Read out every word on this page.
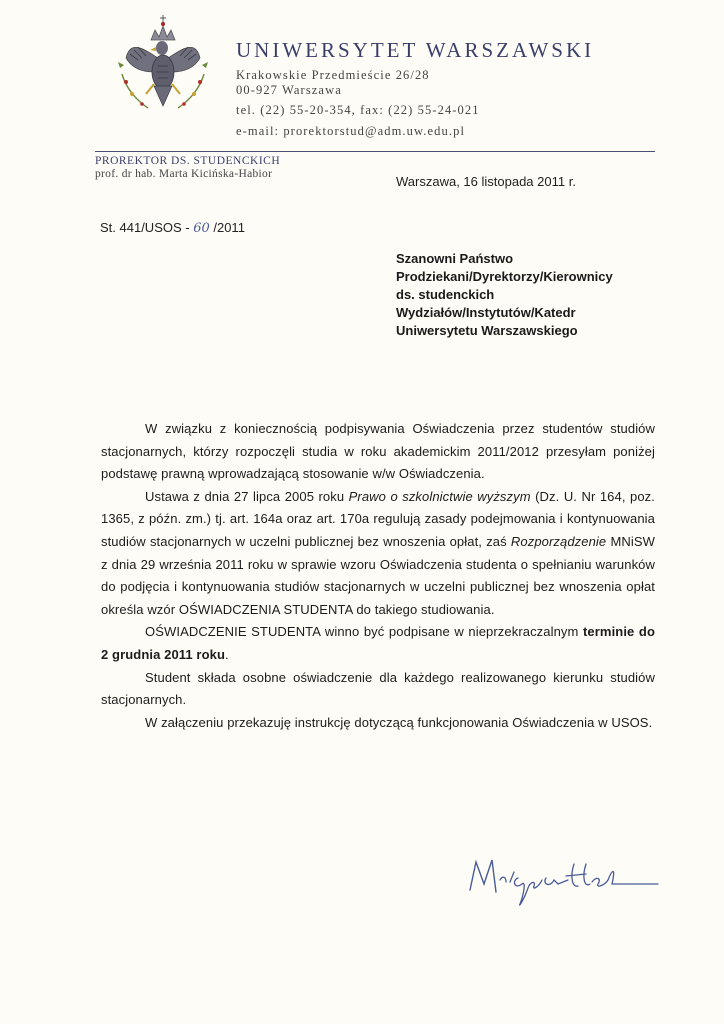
UNIWERSYTET WARSZAWSKI
Krakowskie Przedmieście 26/28
00-927 Warszawa
tel. (22) 55-20-354, fax: (22) 55-24-021
e-mail: prorektorstud@adm.uw.edu.pl
PROREKTOR DS. STUDENCKICH
prof. dr hab. Marta Kicińska-Habior	Warszawa, 16 listopada 2011 r.
St. 441/USOS - 60 /2011
Szanowni Państwo
Prodziekani/Dyrektorzy/Kierownicy
ds. studenckich
Wydziałów/Instytutów/Katedr
Uniwersytetu Warszawskiego

W związku z koniecznością podpisywania Oświadczenia przez studentów studiów stacjonarnych, którzy rozpoczęli studia w roku akademickim 2011/2012 przesyłam poniżej podstawę prawną wprowadzającą stosowanie w/w Oświadczenia.

Ustawa z dnia 27 lipca 2005 roku Prawo o szkolnictwie wyższym (Dz. U. Nr 164, poz. 1365, z późn. zm.) tj. art. 164a oraz art. 170a regulują zasady podejmowania i kontynuowania studiów stacjonarnych w uczelni publicznej bez wnoszenia opłat, zaś Rozporządzenie MNiSW z dnia 29 września 2011 roku w sprawie wzoru Oświadczenia studenta o spełnianiu warunków do podjęcia i kontynuowania studiów stacjonarnych w uczelni publicznej bez wnoszenia opłat określa wzór OŚWIADCZENIA STUDENTA do takiego studiowania.

OŚWIADCZENIE STUDENTA winno być podpisane w nieprzekraczalnym terminie do 2 grudnia 2011 roku.

Student składa osobne oświadczenie dla każdego realizowanego kierunku studiów stacjonarnych.

W załączeniu przekazuję instrukcję dotyczącą funkcjonowania Oświadczenia w USOS.
